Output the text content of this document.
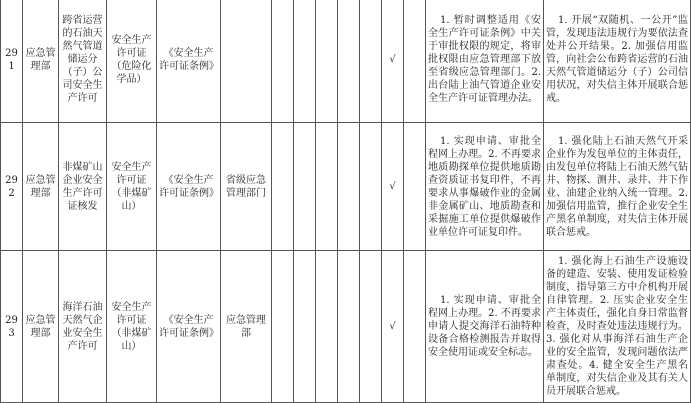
291	应急管理部	跨省运营的石油天然气管道储运分（子）公司安全生产许可	安全生产许可证（危险化学品）	《安全生产许可证条例》							√		1. 暂时调整适用《安全生产许可证条例》中关于审批权限的规定，将审批权限由应急管理部下放至省级应急管理部门。2. 出台陆上油气管道企业安全生产许可证管理办法。	1. 开展“双随机、一公开”监管，发现违法违规行为要依法查处并公开结果。2. 加强信用监管，向社会公布跨省运营的石油天然气管道储运分（子）公司信用状况，对失信主体开展联合惩戒。

292	应急管理部	非煤矿山企业安全生产许可证核发	安全生产许可证（非煤矿山）	《安全生产许可证条例》	省级应急管理部门						√		1. 实现申请、审批全程网上办理。2. 不再要求地质勘探单位提供地质勘查资质证书复印件，不再要求从事爆破作业的金属非金属矿山、地质勘查和采掘施工单位提供爆破作业单位许可证复印件。	1. 强化陆上石油天然气开采企业作为发包单位的主体责任，由发包单位将陆上石油天然气钻井、物探、测井、录井、井下作业、油建企业纳入统一管理。2. 加强信用监管，推行企业安全生产黑名单制度，对失信主体开展联合惩戒。

293	应急管理部	海洋石油天然气企业安全生产许可	安全生产许可证（非煤矿山）	《安全生产许可证条例》	应急管理部						√		1. 实现申请、审批全程网上办理。2. 不再要求申请人提交海洋石油特种设备合格检测报告并取得安全使用证或安全标志。	1. 强化海上石油生产设施设备的建造、安装、使用发证检验制度，指导第三方中介机构开展自律管理。2. 压实企业安全生产主体责任，强化自身日常监督检查，及时查处违法违规行为。3. 强化对从事海洋石油生产企业的安全监管，发现问题依法严肃查处。4. 健全安全生产黑名单制度，对失信企业及其有关人员开展联合惩戒。
